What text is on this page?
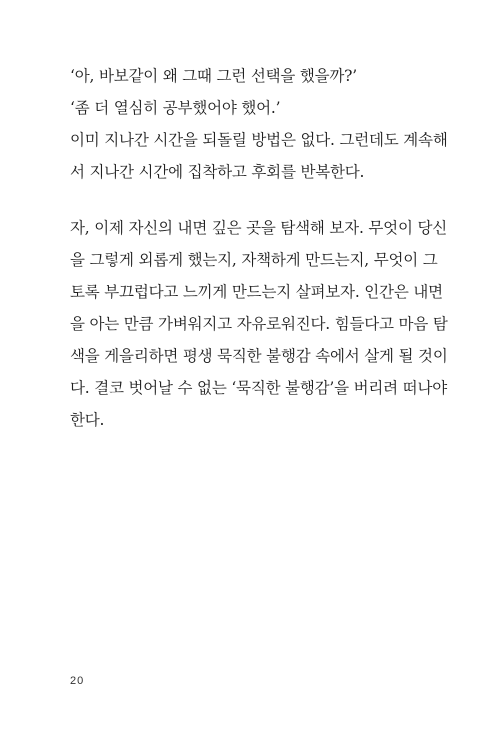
‘아, 바보같이 왜 그때 그런 선택을 했을까?’
‘좀 더 열심히 공부했어야 했어.’
이미 지나간 시간을 되돌릴 방법은 없다. 그런데도 계속해
서 지나간 시간에 집착하고 후회를 반복한다.
자, 이제 자신의 내면 깊은 곳을 탐색해 보자. 무엇이 당신
을 그렇게 외롭게 했는지, 자책하게 만드는지, 무엇이 그
토록 부끄럽다고 느끼게 만드는지 살펴보자. 인간은 내면
을 아는 만큼 가벼워지고 자유로워진다. 힘들다고 마음 탐
색을 게을리하면 평생 묵직한 불행감 속에서 살게 될 것이
다. 결코 벗어날 수 없는 ‘묵직한 불행감’을 버리려 떠나야
한다.
20
